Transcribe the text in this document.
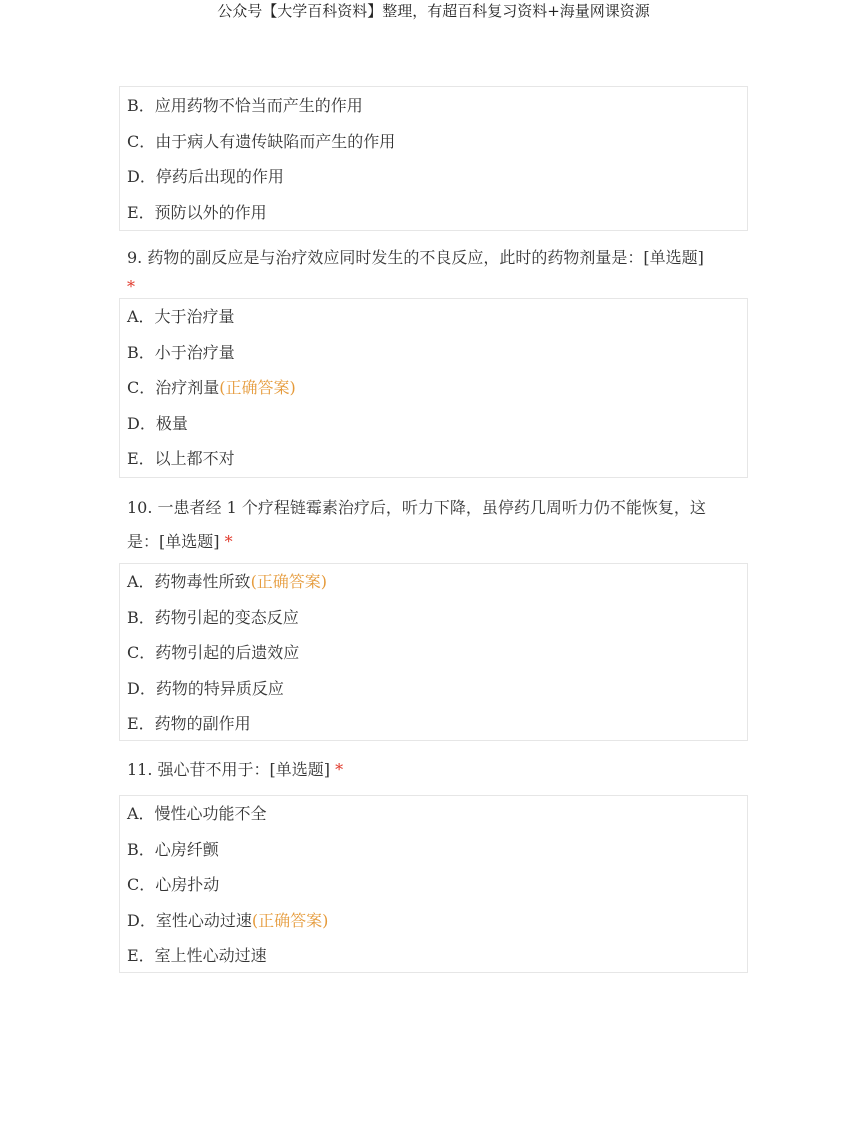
公众号【大学百科资料】整理，有超百科复习资料+海量网课资源
B．应用药物不恰当而产生的作用
C．由于病人有遗传缺陷而产生的作用
D．停药后出现的作用
E．预防以外的作用
9. 药物的副反应是与治疗效应同时发生的不良反应，此时的药物剂量是：[单选题]
*
A．大于治疗量
B．小于治疗量
C．治疗剂量(正确答案)
D．极量
E．以上都不对
10. 一患者经 1 个疗程链霉素治疗后，听力下降，虽停药几周听力仍不能恢复，这
是：[单选题] *
A．药物毒性所致(正确答案)
B．药物引起的变态反应
C．药物引起的后遗效应
D．药物的特异质反应
E．药物的副作用
11. 强心苷不用于：[单选题] *
A．慢性心功能不全
B．心房纤颤
C．心房扑动
D．室性心动过速(正确答案)
E．室上性心动过速
